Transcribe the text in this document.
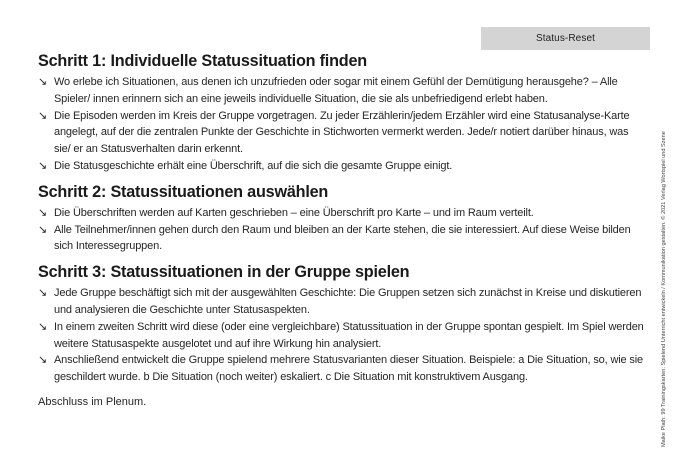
Status-Reset
Schritt 1: Individuelle Statussituation finden
↘ Wo erlebe ich Situationen, aus denen ich unzufrieden oder sogar mit einem Gefühl der Demütigung herausgehe? – Alle Spieler/ innen erinnern sich an eine jeweils individuelle Situation, die sie als unbefriedigend erlebt haben.
↘ Die Episoden werden im Kreis der Gruppe vorgetragen. Zu jeder Erzählerin/jedem Erzähler wird eine Statusanalyse-Karte angelegt, auf der die zentralen Punkte der Geschichte in Stichworten vermerkt werden. Jede/r notiert darüber hinaus, was sie/ er an Statusverhalten darin erkennt.
↘ Die Statusgeschichte erhält eine Überschrift, auf die sich die gesamte Gruppe einigt.
Schritt 2: Statussituationen auswählen
↘ Die Überschriften werden auf Karten geschrieben – eine Überschrift pro Karte – und im Raum verteilt.
↘ Alle Teilnehmer/innen gehen durch den Raum und bleiben an der Karte stehen, die sie interessiert. Auf diese Weise bilden sich Interessegruppen.
Schritt 3: Statussituationen in der Gruppe spielen
↘ Jede Gruppe beschäftigt sich mit der ausgewählten Geschichte: Die Gruppen setzen sich zunächst in Kreise und diskutieren und analysieren die Geschichte unter Statusaspekten.
↘ In einem zweiten Schritt wird diese (oder eine vergleichbare) Statussituation in der Gruppe spontan gespielt. Im Spiel werden weitere Statusaspekte ausgelotet und auf ihre Wirkung hin analysiert.
↘ Anschließend entwickelt die Gruppe spielend mehrere Statusvarianten dieser Situation. Beispiele: a Die Situation, so, wie sie geschildert wurde. b Die Situation (noch weiter) eskaliert. c Die Situation mit konstruktivem Ausgang.
Abschluss im Plenum.	Maike Plath: 99 Trainingskarten: Spielend Unterricht entwickeln / Kommunikation gestalten. © 2021 Verlag Wortspiel und Szene
